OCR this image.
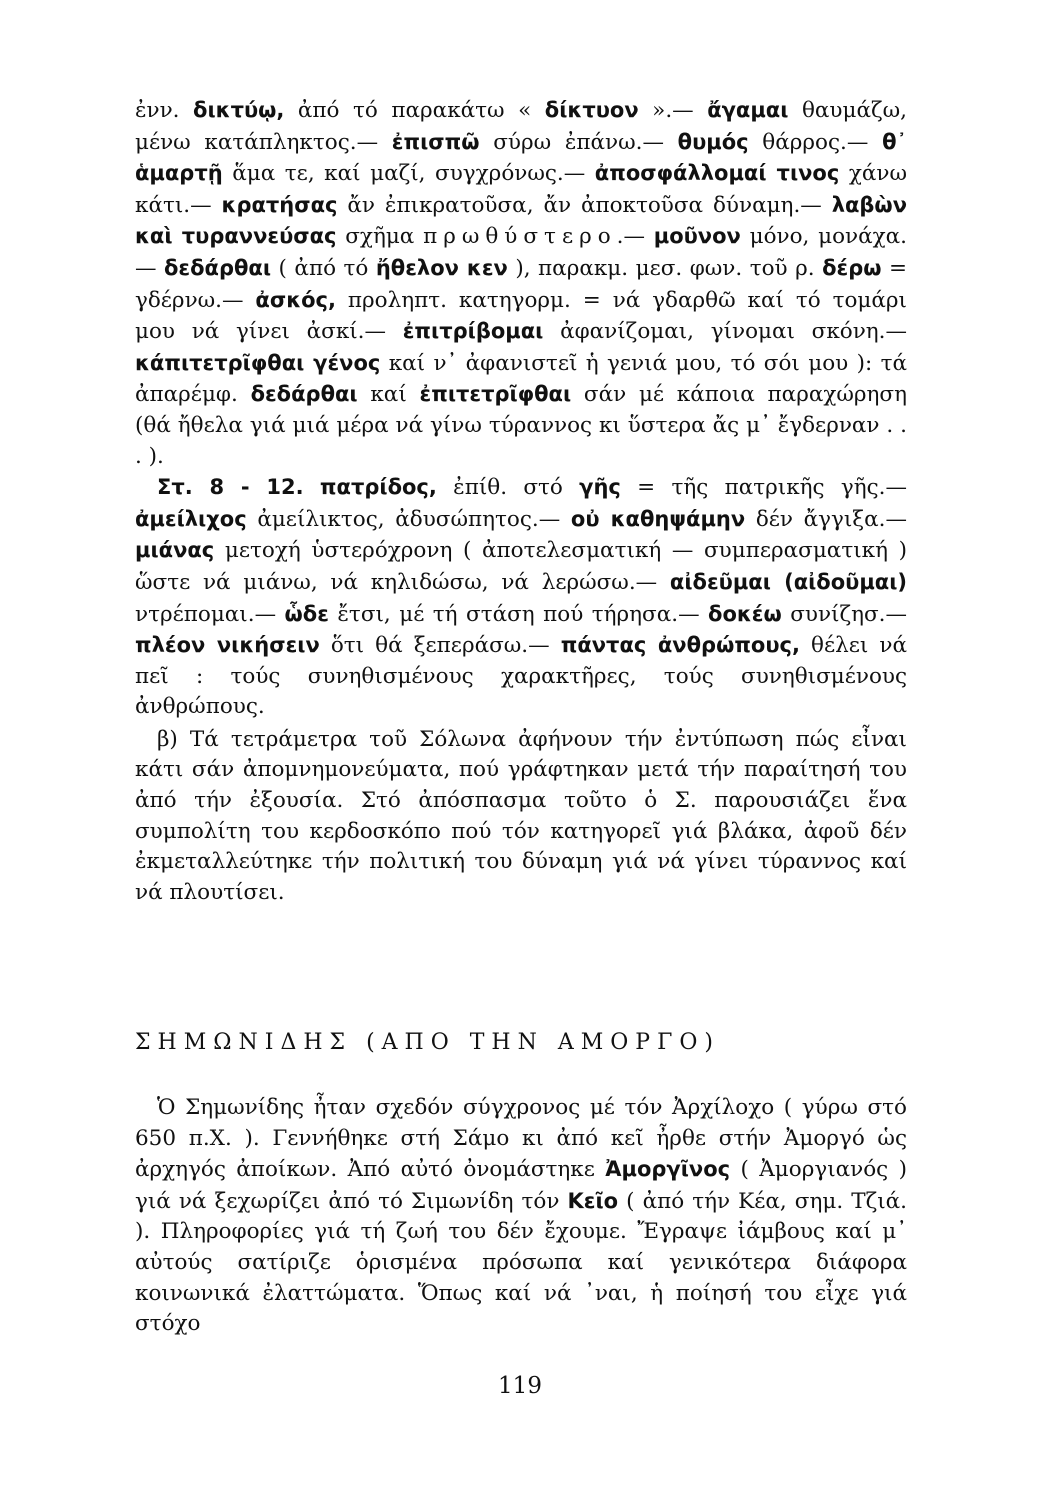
ἐνν. δικτύῳ, ἀπό τό παρακάτω « δίκτυον ».— ἄγαμαι θαυμάζω, μένω κατάπληκτος.— ἐπισπῶ σύρω ἐπάνω.— θυμός θάρρος.— θ᾽ ἁμαρτῇ ἅμα τε, καί μαζί, συγχρόνως.— ἀποσφάλλομαί τινος χάνω κάτι.— κρατήσας ἄν ἐπικρατοῦσα, ἄν ἀποκτοῦσα δύναμη.— λαβὼν καὶ τυραννεύσας σχῆμα πρωθύστερο.— μοῦνον μόνο, μονάχα.— δεδάρθαι ( ἀπό τό ἤθελον κεν ), παρακμ. μεσ. φων. τοῦ ρ. δέρω = γδέρνω.— ἀσκός, προληπτ. κατηγορμ. = νά γδαρθῶ καί τό τομάρι μου νά γίνει ἀσκί.— ἐπιτρίβομαι ἀφανίζομαι, γίνομαι σκόνη.— κάπιτετρῖφθαι γένος καί ν᾽ ἀφανιστεῖ ἡ γενιά μου, τό σόι μου ): τά ἀπαρέμφ. δεδάρθαι καί ἐπιτετρῖφθαι σάν μέ κάποια παραχώρηση (θά ἤθελα γιά μιά μέρα νά γίνω τύραννος κι ὕστερα ἄς μ᾽ ἔγδερναν . . . ).

Στ. 8 - 12. πατρίδος, ἐπίθ. στό γῆς = τῆς πατρικῆς γῆς.— ἀμείλιχος ἀμείλικτος, ἀδυσώπητος.— οὐ καθηψάμην δέν ἄγγιξα.— μιάνας μετοχή ὑστερόχρονη ( ἀποτελεσματική — συμπερασματική ) ὥστε νά μιάνω, νά κηλιδώσω, νά λερώσω.— αἰδεῦμαι (αἰδοῦμαι) ντρέπομαι.— ὧδε ἔτσι, μέ τή στάση πού τήρησα.— δοκέω συνίζησ.— πλέον νικήσειν ὅτι θά ξεπεράσω.— πάντας ἀνθρώπους, θέλει νά πεῖ : τούς συνηθισμένους χαρακτῆρες, τούς συνηθισμένους ἀνθρώπους.

β) Τά τετράμετρα τοῦ Σόλωνα ἀφήνουν τήν ἐντύπωση πώς εἶναι κάτι σάν ἀπομνημονεύματα, πού γράφτηκαν μετά τήν παραίτησή του ἀπό τήν ἐξουσία. Στό ἀπόσπασμα τοῦτο ὁ Σ. παρουσιάζει ἕνα συμπολίτη του κερδοσκόπο πού τόν κατηγορεῖ γιά βλάκα, ἀφοῦ δέν ἐκμεταλλεύτηκε τήν πολιτική του δύναμη γιά νά γίνει τύραννος καί νά πλουτίσει.

ΣΗΜΩΝΙΔΗΣ (ΑΠΟ ΤΗΝ ΑΜΟΡΓΟ)

Ὁ Σημωνίδης ἦταν σχεδόν σύγχρονος μέ τόν Ἀρχίλοχο ( γύρω στό 650 π.Χ. ). Γεννήθηκε στή Σάμο κι ἀπό κεῖ ἦρθε στήν Ἀμοργό ὡς ἀρχηγός ἀποίκων. Ἀπό αὐτό ὀνομάστηκε Ἀμοργῖνος ( Ἀμοργιανός ) γιά νά ξεχωρίζει ἀπό τό Σιμωνίδη τόν Κεῖο ( ἀπό τήν Κέα, σημ. Τζιά. ). Πληροφορίες γιά τή ζωή του δέν ἔχουμε. Ἔγραψε ἰάμβους καί μ᾽ αὐτούς σατίριζε ὁρισμένα πρόσωπα καί γενικότερα διάφορα κοινωνικά ἐλαττώματα. Ὅπως καί νά ᾽ναι, ἡ ποίησή του εἶχε γιά στόχο

119
